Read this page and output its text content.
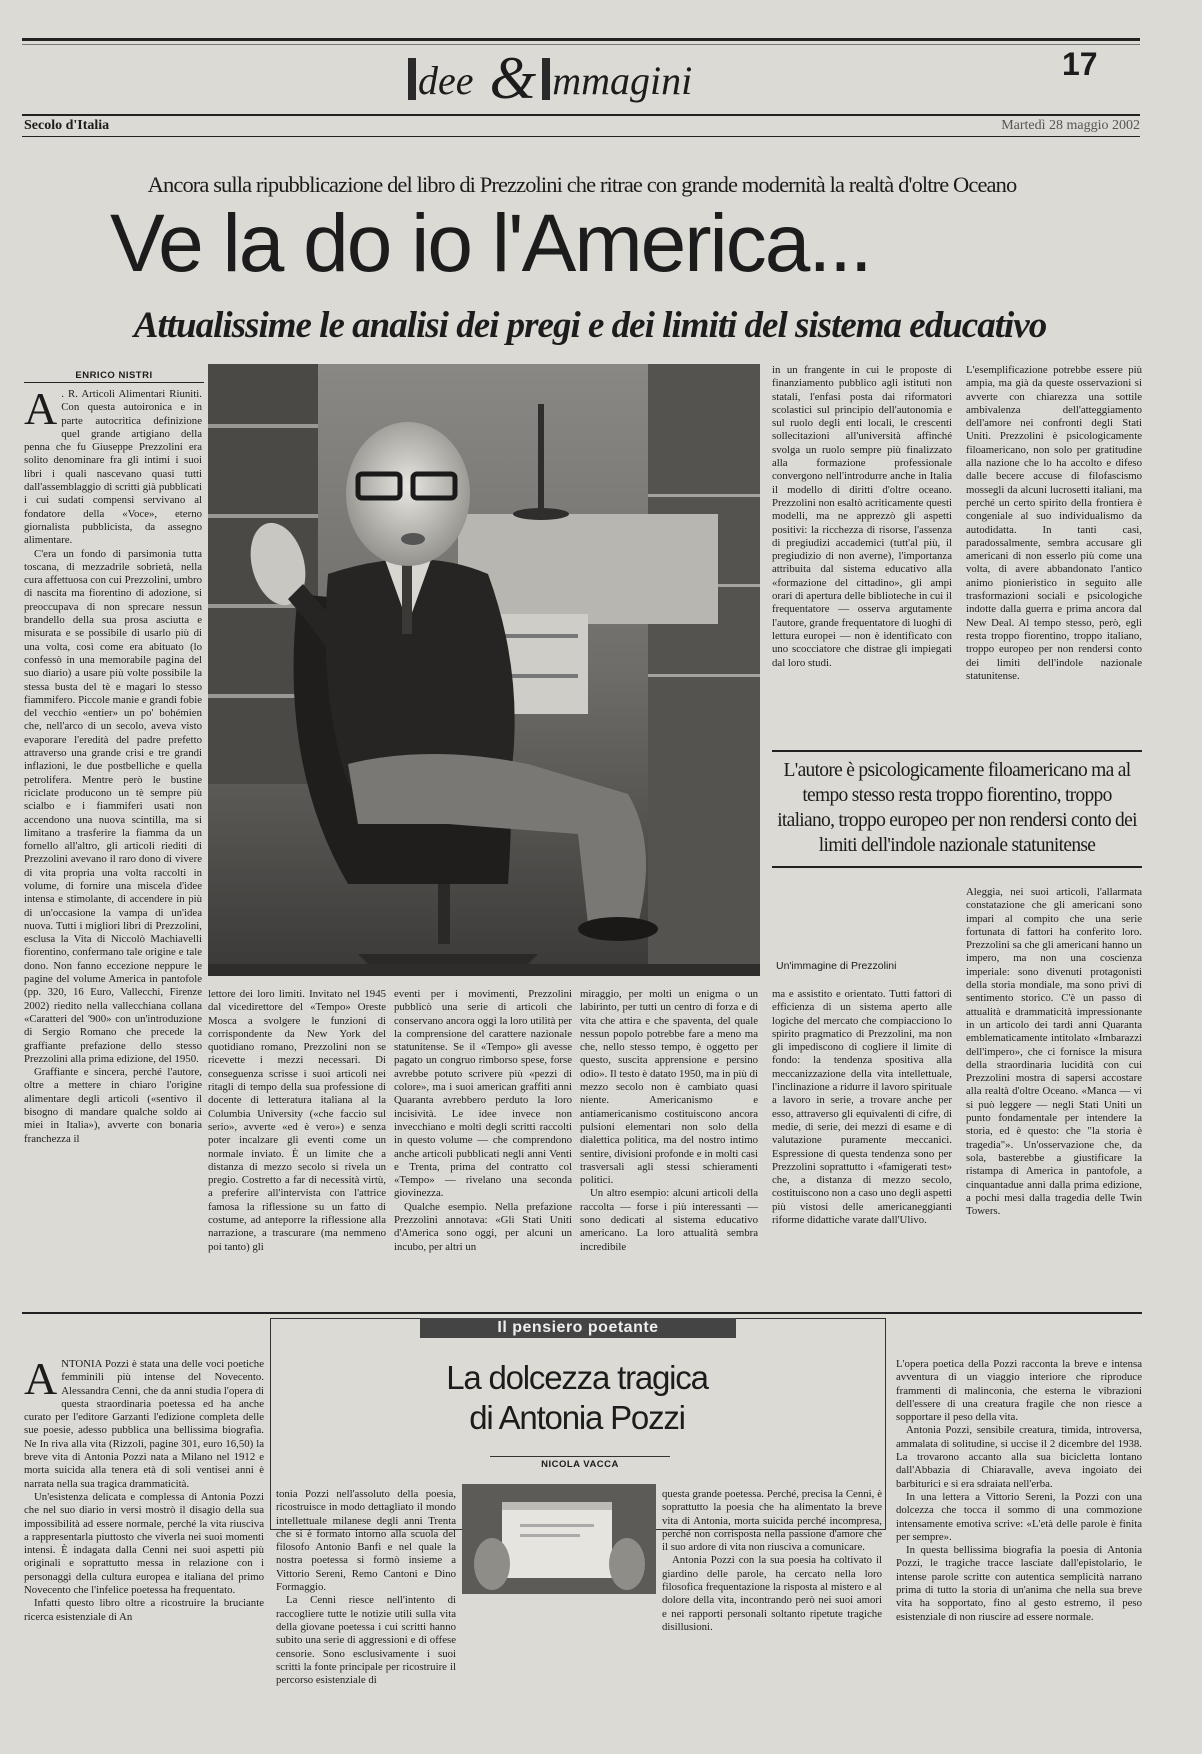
dee & mmagini	17
Secolo d'Italia	Martedì 28 maggio 2002
Ancora sulla ripubblicazione del libro di Prezzolini che ritrae con grande modernità la realtà d'oltre Oceano
Ve la do io l'America...
Attualissime le analisi dei pregi e dei limiti del sistema educativo
ENRICO NISTRI
Un'immagine di Prezzolini

A . R. Articoli Alimentari Riuniti. Con questa autoironica e in parte autocritica definizione quel grande artigiano della penna che fu Giuseppe Prezzolini era solito denominare fra gli intimi i suoi libri i quali nascevano quasi tutti dall'assemblaggio di scritti già pubblicati i cui sudati compensi servivano al fondatore della «Voce», eterno giornalista pubblicista, da assegno alimentare.

C'era un fondo di parsimonia tutta toscana, di mezzadrile sobrietà, nella cura affettuosa con cui Prezzolini, umbro di nascita ma fiorentino di adozione, si preoccupava di non sprecare nessun brandello della sua prosa asciutta e misurata e se possibile di usarlo più di una volta, così come era abituato (lo confessò in una memorabile pagina del suo diario) a usare più volte possibile la stessa busta del tè e magari lo stesso fiammifero. Piccole manie e grandi fobie del vecchio «entier» un po' bohémien che, nell'arco di un secolo, aveva visto evaporare l'eredità del padre prefetto attraverso una grande crisi e tre grandi inflazioni, le due postbelliche e quella petrolifera. Mentre però le bustine riciclate producono un tè sempre più scialbo e i fiammiferi usati non accendono una nuova scintilla, ma si limitano a trasferire la fiamma da un fornello all'altro, gli articoli riediti di Prezzolini avevano il raro dono di vivere di vita propria una volta raccolti in volume, di fornire una miscela d'idee intensa e stimolante, di accendere in più di un'occasione la vampa di un'idea nuova. Tutti i migliori libri di Prezzolini, esclusa la Vita di Niccolò Machiavelli fiorentino, confermano tale origine e tale dono. Non fanno eccezione neppure le pagine del volume America in pantofole (pp. 320, 16 Euro, Vallecchi, Firenze 2002) riedito nella vallecchiana collana «Caratteri del '900» con un'introduzione di Sergio Romano che precede la graffiante prefazione dello stesso Prezzolini alla prima edizione, del 1950.

Graffiante e sincera, perché l'autore, oltre a mettere in chiaro l'origine alimentare degli articoli («sentivo il bisogno di mandare qualche soldo ai miei in Italia»), avverte con bonaria franchezza il

lettore dei loro limiti. Invitato nel 1945 dal vicedirettore del «Tempo» Oreste Mosca a svolgere le funzioni di corrispondente da New York del quotidiano romano, Prezzolini non se ricevette i mezzi necessari. Di conseguenza scrisse i suoi articoli nei ritagli di tempo della sua professione di docente di letteratura italiana al la Columbia University («che faccio sul serio», avverte «ed è vero») e senza poter incalzare gli eventi come un normale inviato. È un limite che a distanza di mezzo secolo si rivela un pregio. Costretto a far di necessità virtù, a preferire all'intervista con l'attrice famosa la riflessione su un fatto di costume, ad anteporre la riflessione alla narrazione, a trascurare (ma nemmeno poi tanto) gli

eventi per i movimenti, Prezzolini pubblicò una serie di articoli che conservano ancora oggi la loro utilità per la comprensione del carattere nazionale statunitense. Se il «Tempo» gli avesse pagato un congruo rimborso spese, forse avrebbe potuto scrivere più «pezzi di colore», ma i suoi american graffiti anni Quaranta avrebbero perduto la loro incisività. Le idee invece non invecchiano e molti degli scritti raccolti in questo volume — che comprendono anche articoli pubblicati negli anni Venti e Trenta, prima del contratto col «Tempo» — rivelano una seconda giovinezza.

Qualche esempio. Nella prefazione Prezzolini annotava: «Gli Stati Uniti d'America sono oggi, per alcuni un incubo, per altri un

miraggio, per molti un enigma o un labirinto, per tutti un centro di forza e di vita che attira e che spaventa, del quale nessun popolo potrebbe fare a meno ma che, nello stesso tempo, è oggetto per questo, suscita apprensione e persino odio». Il testo è datato 1950, ma in più di mezzo secolo non è cambiato quasi niente. Americanismo e antiamericanismo costituiscono ancora pulsioni elementari non solo della dialettica politica, ma del nostro intimo sentire, divisioni profonde e in molti casi trasversali agli stessi schieramenti politici.

Un altro esempio: alcuni articoli della raccolta — forse i più interessanti — sono dedicati al sistema educativo americano. La loro attualità sembra incredibile

in un frangente in cui le proposte di finanziamento pubblico agli istituti non statali, l'enfasi posta dai riformatori scolastici sul principio dell'autonomia e sul ruolo degli enti locali, le crescenti sollecitazioni all'università affinché svolga un ruolo sempre più finalizzato alla formazione professionale convergono nell'introdurre anche in Italia il modello di diritti d'oltre oceano. Prezzolini non esaltò acriticamente questi modelli, ma ne apprezzò gli aspetti positivi: la ricchezza di risorse, l'assenza di pregiudizi accademici (tutt'al più, il pregiudizio di non averne), l'importanza attribuita dal sistema educativo alla «formazione del cittadino», gli ampi orari di apertura delle biblioteche in cui il frequentatore — osserva argutamente l'autore, grande frequentatore di luoghi di lettura europei — non è identificato con uno scocciatore che distrae gli impiegati dal loro studi.

L'esemplificazione potrebbe essere più ampia, ma già da queste osservazioni si avverte con chiarezza una sottile ambivalenza dell'atteggiamento dell'amore nei confronti degli Stati Uniti. Prezzolini è psicologicamente filoamericano, non solo per gratitudine alla nazione che lo ha accolto e difeso dalle becere accuse di filofascismo mossegli da alcuni lucrosetti italiani, ma perché un certo spirito della frontiera è congeniale al suo individualismo da autodidatta. In tanti casi, paradossalmente, sembra accusare gli americani di non esserlo più come una volta, di avere abbandonato l'antico animo pionieristico in seguito alle trasformazioni sociali e psicologiche indotte dalla guerra e prima ancora dal New Deal. Al tempo stesso, però, egli resta troppo fiorentino, troppo italiano, troppo europeo per non rendersi conto dei limiti dell'indole nazionale statunitense.

L'autore è psicologicamente filoamericano ma al tempo stesso resta troppo fiorentino, troppo italiano, troppo europeo per non rendersi conto dei limiti dell'indole nazionale statunitense

ma e assistito e orientato. Tutti fattori di efficienza di un sistema aperto alle logiche del mercato che compiacciono lo spirito pragmatico di Prezzolini, ma non gli impediscono di cogliere il limite di fondo: la tendenza spositiva alla meccanizzazione della vita intellettuale, l'inclinazione a ridurre il lavoro spirituale a lavoro in serie, a trovare anche per esso, attraverso gli equivalenti di cifre, di medie, di serie, dei mezzi di esame e di valutazione puramente meccanici. Espressione di questa tendenza sono per Prezzolini soprattutto i «famigerati test» che, a distanza di mezzo secolo, costituiscono non a caso uno degli aspetti più vistosi delle americaneggianti riforme didattiche varate dall'Ulivo.

Aleggia, nei suoi articoli, l'allarmata constatazione che gli americani sono impari al compito che una serie fortunata di fattori ha conferito loro. Prezzolini sa che gli americani hanno un impero, ma non una coscienza imperiale: sono divenuti protagonisti della storia mondiale, ma sono privi di sentimento storico. C'è un passo di attualità e drammaticità impressionante in un articolo dei tardi anni Quaranta emblematicamente intitolato «Imbarazzi dell'impero», che ci fornisce la misura della straordinaria lucidità con cui Prezzolini mostra di sapersi accostare alla realtà d'oltre Oceano. «Manca — vi si può leggere — negli Stati Uniti un punto fondamentale per intendere la storia, ed è questo: che "la storia è tragedia"». Un'osservazione che, da sola, basterebbe a giustificare la ristampa di America in pantofole, a cinquantadue anni dalla prima edizione, a pochi mesi dalla tragedia delle Twin Towers.

Il pensiero poetante
La dolcezza tragica
di Antonia Pozzi
NICOLA VACCA

ANTONIA Pozzi è stata una delle voci poetiche femminili più intense del Novecento. Alessandra Cenni, che da anni studia l'opera di questa straordinaria poetessa ed ha anche curato per l'editore Garzanti l'edizione completa delle sue poesie, adesso pubblica una bellissima biografia. Ne In riva alla vita (Rizzoli, pagine 301, euro 16,50) la breve vita di Antonia Pozzi nata a Milano nel 1912 e morta suicida alla tenera età di soli ventisei anni è narrata nella sua tragica drammaticità.

Un'esistenza delicata e complessa di Antonia Pozzi che nel suo diario in versi mostrò il disagio della sua impossibilità ad essere normale, perché la vita riusciva a rappresentarla piuttosto che viverla nei suoi momenti intensi. È indagata dalla Cenni nei suoi aspetti più originali e soprattutto messa in relazione con i personaggi della cultura europea e italiana del primo Novecento che l'infelice poetessa ha frequentato.

Infatti questo libro oltre a ricostruire la bruciante ricerca esistenziale di An

tonia Pozzi nell'assoluto della poesia, ricostruisce in modo dettagliato il mondo intellettuale milanese degli anni Trenta che si è formato intorno alla scuola del filosofo Antonio Banfi e nel quale la nostra poetessa si formò insieme a Vittorio Sereni, Remo Cantoni e Dino Formaggio.

La Cenni riesce nell'intento di raccogliere tutte le notizie utili sulla vita della giovane poetessa i cui scritti hanno subito una serie di aggressioni e di offese censorie. Sono esclusivamente i suoi scritti la fonte principale per ricostruire il percorso esistenziale di

questa grande poetessa. Perché, precisa la Cenni, è soprattutto la poesia che ha alimentato la breve vita di Antonia, morta suicida perché incompresa, perché non corrisposta nella passione d'amore che il suo ardore di vita non riusciva a comunicare.

Antonia Pozzi con la sua poesia ha coltivato il giardino delle parole, ha cercato nella loro filosofica frequentazione la risposta al mistero e al dolore della vita, incontrando però nei suoi amori e nei rapporti personali soltanto ripetute tragiche disillusioni.

L'opera poetica della Pozzi racconta la breve e intensa avventura di un viaggio interiore che riproduce frammenti di malinconia, che esterna le vibrazioni dell'essere di una creatura fragile che non riesce a sopportare il peso della vita.

Antonia Pozzi, sensibile creatura, timida, introversa, ammalata di solitudine, si uccise il 2 dicembre del 1938. La trovarono accanto alla sua bicicletta lontano dall'Abbazia di Chiaravalle, aveva ingoiato dei barbiturici e si era sdraiata nell'erba.

In una lettera a Vittorio Sereni, la Pozzi con una dolcezza che tocca il sommo di una commozione intensamente emotiva scrive: «L'età delle parole è finita per sempre».

In questa bellissima biografia la poesia di Antonia Pozzi, le tragiche tracce lasciate dall'epistolario, le intense parole scritte con autentica semplicità narrano prima di tutto la storia di un'anima che nella sua breve vita ha sopportato, fino al gesto estremo, il peso esistenziale di non riuscire ad essere normale.
